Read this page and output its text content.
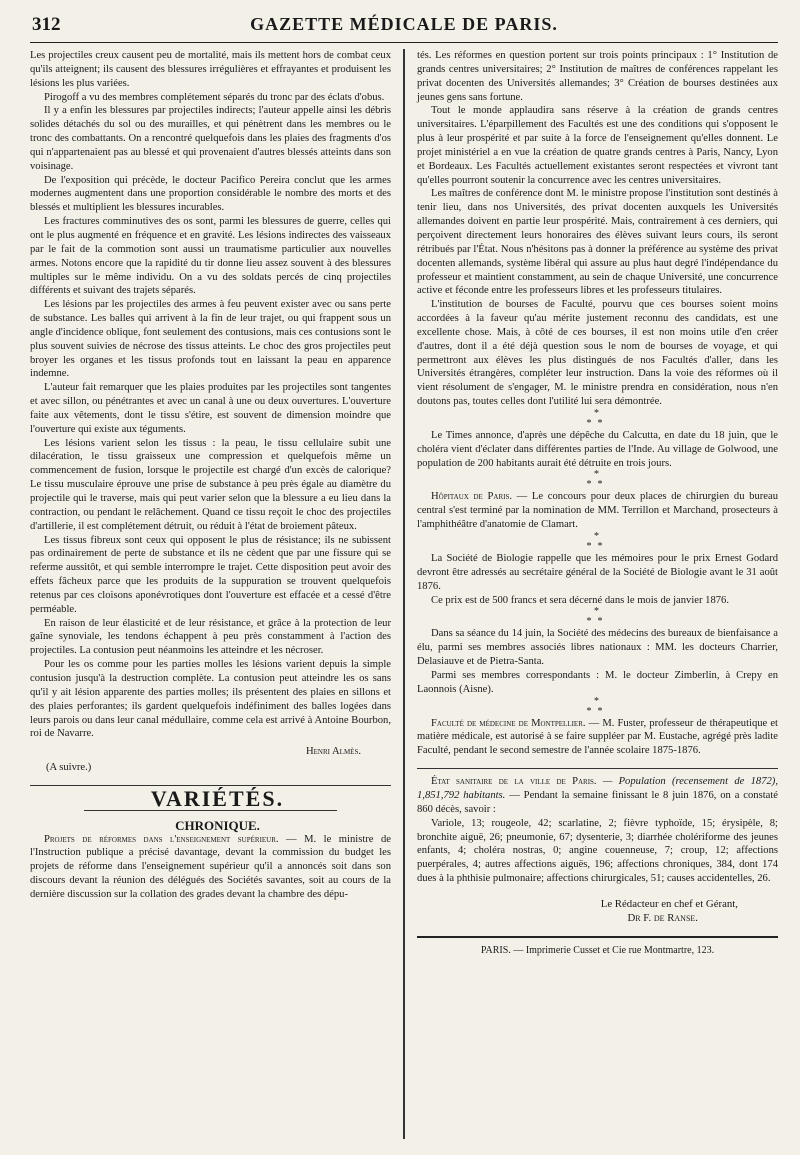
312	GAZETTE MÉDICALE DE PARIS.

Les projectiles creux causent peu de mortalité, mais ils mettent hors de combat ceux qu'ils atteignent; ils causent des blessures irrégulières et effrayantes et produisent les lésions les plus variées.

Pirogoff a vu des membres complétement séparés du tronc par des éclats d'obus.

Il y a enfin les blessures par projectiles indirects; l'auteur appelle ainsi les débris solides détachés du sol ou des murailles, et qui pénètrent dans les membres ou le tronc des combattants. On a rencontré quelquefois dans les plaies des fragments d'os qui n'appartenaient pas au blessé et qui provenaient d'autres blessés atteints dans son voisinage.

De l'exposition qui précède, le docteur Pacifico Pereira conclut que les armes modernes augmentent dans une proportion considérable le nombre des morts et des blessés et multiplient les blessures incurables.

Les fractures comminutives des os sont, parmi les blessures de guerre, celles qui ont le plus augmenté en fréquence et en gravité. Les lésions indirectes des vaisseaux par le fait de la commotion sont aussi un traumatisme particulier aux nouvelles armes. Notons encore que la rapidité du tir donne lieu assez souvent à des blessures multiples sur le même individu. On a vu des soldats percés de cinq projectiles différents et suivant des trajets séparés.

Les lésions par les projectiles des armes à feu peuvent exister avec ou sans perte de substance. Les balles qui arrivent à la fin de leur trajet, ou qui frappent sous un angle d'incidence oblique, font seulement des contusions, mais ces contusions sont le plus souvent suivies de nécrose des tissus atteints. Le choc des gros projectiles peut broyer les organes et les tissus profonds tout en laissant la peau en apparence indemne.

L'auteur fait remarquer que les plaies produites par les projectiles sont tangentes et avec sillon, ou pénétrantes et avec un canal à une ou deux ouvertures. L'ouverture faite aux vêtements, dont le tissu s'étire, est souvent de dimension moindre que l'ouverture qui existe aux téguments.

Les lésions varient selon les tissus : la peau, le tissu cellulaire subit une dilacération, le tissu graisseux une compression et quelquefois même un commencement de fusion, lorsque le projectile est chargé d'un excès de calorique? Le tissu musculaire éprouve une prise de substance à peu près égale au diamètre du projectile qui le traverse, mais qui peut varier selon que la blessure a eu lieu dans la contraction, ou pendant le relâchement. Quand ce tissu reçoit le choc des projectiles d'artillerie, il est complétement détruit, ou réduit à l'état de broiement pâteux.

Les tissus fibreux sont ceux qui opposent le plus de résistance; ils ne subissent pas ordinairement de perte de substance et ils ne cèdent que par une fissure qui se referme aussitôt, et qui semble interrompre le trajet. Cette disposition peut avoir des effets fâcheux parce que les produits de la suppuration se trouvent quelquefois retenus par ces cloisons aponévrotiques dont l'ouverture est effacée et a cessé d'être perméable.

En raison de leur élasticité et de leur résistance, et grâce à la protection de leur gaîne synoviale, les tendons échappent à peu près constamment à l'action des projectiles. La contusion peut néanmoins les atteindre et les nécroser.

Pour les os comme pour les parties molles les lésions varient depuis la simple contusion jusqu'à la destruction complète. La contusion peut atteindre les os sans qu'il y ait lésion apparente des parties molles; ils présentent des plaies en sillons et des plaies perforantes; ils gardent quelquefois indéfiniment des balles logées dans leurs parois ou dans leur canal médullaire, comme cela est arrivé à Antoine Bourbon, roi de Navarre.

Henri Almès.

(A suivre.)

VARIÉTÉS.

CHRONIQUE.

Projets de réformes dans l'enseignement supérieur. — M. le ministre de l'Instruction publique a précisé davantage, devant la commission du budget les projets de réforme dans l'enseignement supérieur qu'il a annoncés soit dans son discours devant la réunion des délégués des Sociétés savantes, soit au cours de la dernière discussion sur la collation des grades devant la chambre des dépu-

tés. Les réformes en question portent sur trois points principaux : 1° Institution de grands centres universitaires; 2° Institution de maîtres de conférences rappelant les privat docenten des Universités allemandes; 3° Création de bourses destinées aux jeunes gens sans fortune.

Tout le monde applaudira sans réserve à la création de grands centres universitaires. L'éparpillement des Facultés est une des conditions qui s'opposent le plus à leur prospérité et par suite à la force de l'enseignement qu'elles donnent. Le projet ministériel a en vue la création de quatre grands centres à Paris, Nancy, Lyon et Bordeaux. Les Facultés actuellement existantes seront respectées et vivront tant qu'elles pourront soutenir la concurrence avec les centres universitaires.

Les maîtres de conférence dont M. le ministre propose l'institution sont destinés à tenir lieu, dans nos Universités, des privat docenten auxquels les Universités allemandes doivent en partie leur prospérité. Mais, contrairement à ces derniers, qui perçoivent directement leurs honoraires des élèves suivant leurs cours, ils seront rétribués par l'État. Nous n'hésitons pas à donner la préférence au système des privat docenten allemands, système libéral qui assure au plus haut degré l'indépendance du professeur et maintient constamment, au sein de chaque Université, une concurrence active et féconde entre les professeurs libres et les professeurs titulaires.

L'institution de bourses de Faculté, pourvu que ces bourses soient moins accordées à la faveur qu'au mérite justement reconnu des candidats, est une excellente chose. Mais, à côté de ces bourses, il est non moins utile d'en créer d'autres, dont il a été déjà question sous le nom de bourses de voyage, et qui permettront aux élèves les plus distingués de nos Facultés d'aller, dans les Universités étrangères, compléter leur instruction. Dans la voie des réformes où il vient résolument de s'engager, M. le ministre prendra en considération, nous n'en doutons pas, toutes celles dont l'utilité lui sera démontrée.

*
**

Le Times annonce, d'après une dépêche du Calcutta, en date du 18 juin, que le choléra vient d'éclater dans différentes parties de l'Inde. Au village de Golwood, une population de 200 habitants aurait été détruite en trois jours.

*
**

Hôpitaux de Paris. — Le concours pour deux places de chirurgien du bureau central s'est terminé par la nomination de MM. Terrillon et Marchand, prosecteurs à l'amphithéâtre d'anatomie de Clamart.

*
**

La Société de Biologie rappelle que les mémoires pour le prix Ernest Godard devront être adressés au secrétaire général de la Société de Biologie avant le 31 août 1876.

Ce prix est de 500 francs et sera décerné dans le mois de janvier 1876.

*
**

Dans sa séance du 14 juin, la Société des médecins des bureaux de bienfaisance a élu, parmi ses membres associés libres nationaux : MM. les docteurs Charrier, Delasiauve et de Pietra-Santa.

Parmi ses membres correspondants : M. le docteur Zimberlin, à Crepy en Laonnois (Aisne).

*
**

Faculté de médecine de Montpellier. — M. Fuster, professeur de thérapeutique et matière médicale, est autorisé à se faire suppléer par M. Eustache, agrégé près ladite Faculté, pendant le second semestre de l'année scolaire 1875-1876.

État sanitaire de la ville de Paris. — Population (recensement de 1872), 1,851,792 habitants. — Pendant la semaine finissant le 8 juin 1876, on a constaté 860 décès, savoir :

Variole, 13; rougeole, 42; scarlatine, 2; fièvre typhoïde, 15; érysipèle, 8; bronchite aiguë, 26; pneumonie, 67; dysenterie, 3; diarrhée cholériforme des jeunes enfants, 4; choléra nostras, 0; angine couenneuse, 7; croup, 12; affections puerpérales, 4; autres affections aiguës, 196; affections chroniques, 384, dont 174 dues à la phthisie pulmonaire; affections chirurgicales, 51; causes accidentelles, 26.

Le Rédacteur en chef et Gérant,

Dr F. de Ranse.

PARIS. — Imprimerie Cusset et Cie rue Montmartre, 123.
